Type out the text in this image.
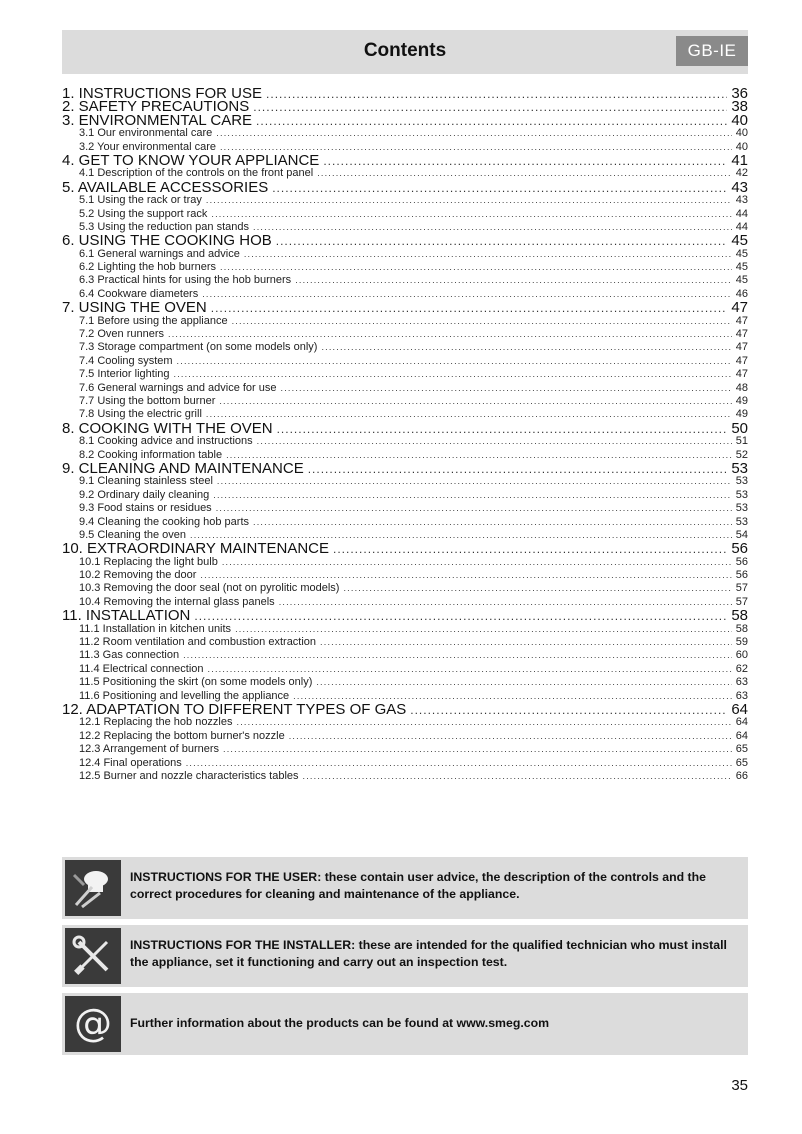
Contents	GB-IE
1. INSTRUCTIONS FOR USE .....	36
2. SAFETY PRECAUTIONS .....	38
3. ENVIRONMENTAL CARE .....	40
3.1 Our environmental care .....	40
3.2 Your environmental care .....	40
4. GET TO KNOW YOUR APPLIANCE .....	41
4.1 Description of the controls on the front panel .....	42
5. AVAILABLE ACCESSORIES .....	43
5.1 Using the rack or tray .....	43
5.2 Using the support rack .....	44
5.3 Using the reduction pan stands .....	44
6. USING THE COOKING HOB .....	45
6.1 General warnings and advice .....	45
6.2 Lighting the hob burners .....	45
6.3 Practical hints for using the hob burners .....	45
6.4 Cookware diameters .....	46
7. USING THE OVEN .....	47
7.1 Before using the appliance .....	47
7.2 Oven runners .....	47
7.3 Storage compartment (on some models only) .....	47
7.4 Cooling system .....	47
7.5 Interior lighting .....	47
7.6 General warnings and advice for use .....	48
7.7 Using the bottom burner .....	49
7.8 Using the electric grill .....	49
8. COOKING WITH THE OVEN .....	50
8.1 Cooking advice and instructions .....	51
8.2 Cooking information table .....	52
9. CLEANING AND MAINTENANCE .....	53
9.1 Cleaning stainless steel .....	53
9.2 Ordinary daily cleaning .....	53
9.3 Food stains or residues .....	53
9.4 Cleaning the cooking hob parts .....	53
9.5 Cleaning the oven .....	54
10. EXTRAORDINARY MAINTENANCE .....	56
10.1 Replacing the light bulb .....	56
10.2 Removing the door .....	56
10.3 Removing the door seal (not on pyrolitic models) .....	57
10.4 Removing the internal glass panels .....	57
11. INSTALLATION .....	58
11.1 Installation in kitchen units .....	58
11.2 Room ventilation and combustion extraction .....	59
11.3 Gas connection .....	60
11.4 Electrical connection .....	62
11.5 Positioning the skirt (on some models only) .....	63
11.6 Positioning and levelling the appliance .....	63
12. ADAPTATION TO DIFFERENT TYPES OF GAS .....	64
12.1 Replacing the hob nozzles .....	64
12.2 Replacing the bottom burner's nozzle .....	64
12.3 Arrangement of burners .....	65
12.4 Final operations .....	65
12.5 Burner and nozzle characteristics tables .....	66
INSTRUCTIONS FOR THE USER: these contain user advice, the description of the controls and the correct procedures for cleaning and maintenance of the appliance.
INSTRUCTIONS FOR THE INSTALLER: these are intended for the qualified technician who must install the appliance, set it functioning and carry out an inspection test.
@ Further information about the products can be found at www.smeg.com
35
